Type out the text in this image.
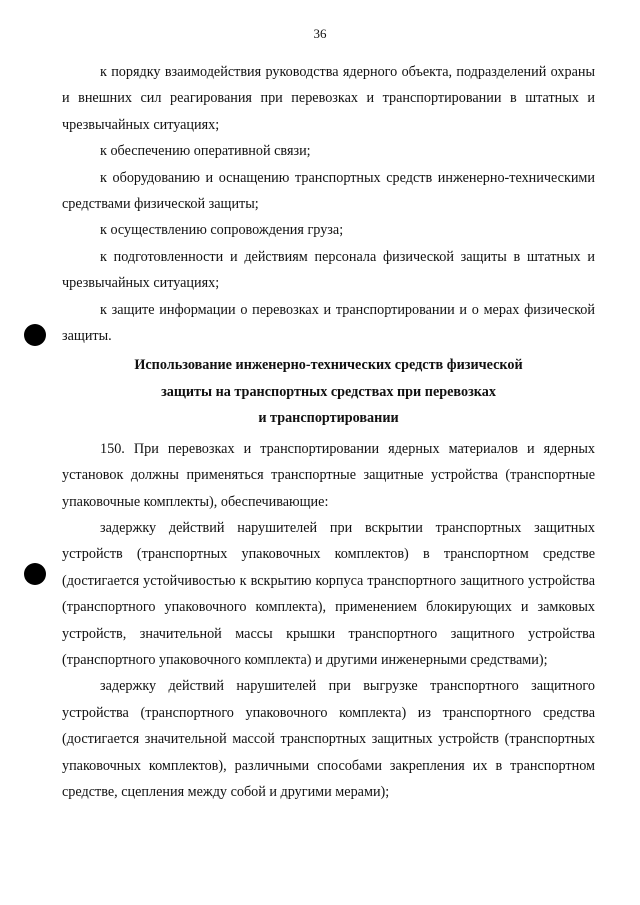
36

к порядку взаимодействия руководства ядерного объекта, подразделений охраны и внешних сил реагирования при перевозках и транспортировании в штатных и чрезвычайных ситуациях;

к обеспечению оперативной связи;

к оборудованию и оснащению транспортных средств инженерно-техническими средствами физической защиты;

к осуществлению сопровождения груза;

к подготовленности и действиям персонала физической защиты в штатных и чрезвычайных ситуациях;

к защите информации о перевозках и транспортировании и о мерах физической защиты.

Использование инженерно-технических средств физической
защиты на транспортных средствах при перевозках
и транспортировании

150. При перевозках и транспортировании ядерных материалов и ядерных установок должны применяться транспортные защитные устройства (транспортные упаковочные комплекты), обеспечивающие:

задержку действий нарушителей при вскрытии транспортных защитных устройств (транспортных упаковочных комплектов) в транспортном средстве (достигается устойчивостью к вскрытию корпуса транспортного защитного устройства (транспортного упаковочного комплекта), применением блокирующих и замковых устройств, значительной массы крышки транспортного защитного устройства (транспортного упаковочного комплекта) и другими инженерными средствами);

задержку действий нарушителей при выгрузке транспортного защитного устройства (транспортного упаковочного комплекта) из транспортного средства (достигается значительной массой транспортных защитных устройств (транспортных упаковочных комплектов), различными способами закрепления их в транспортном средстве, сцепления между собой и другими мерами);
